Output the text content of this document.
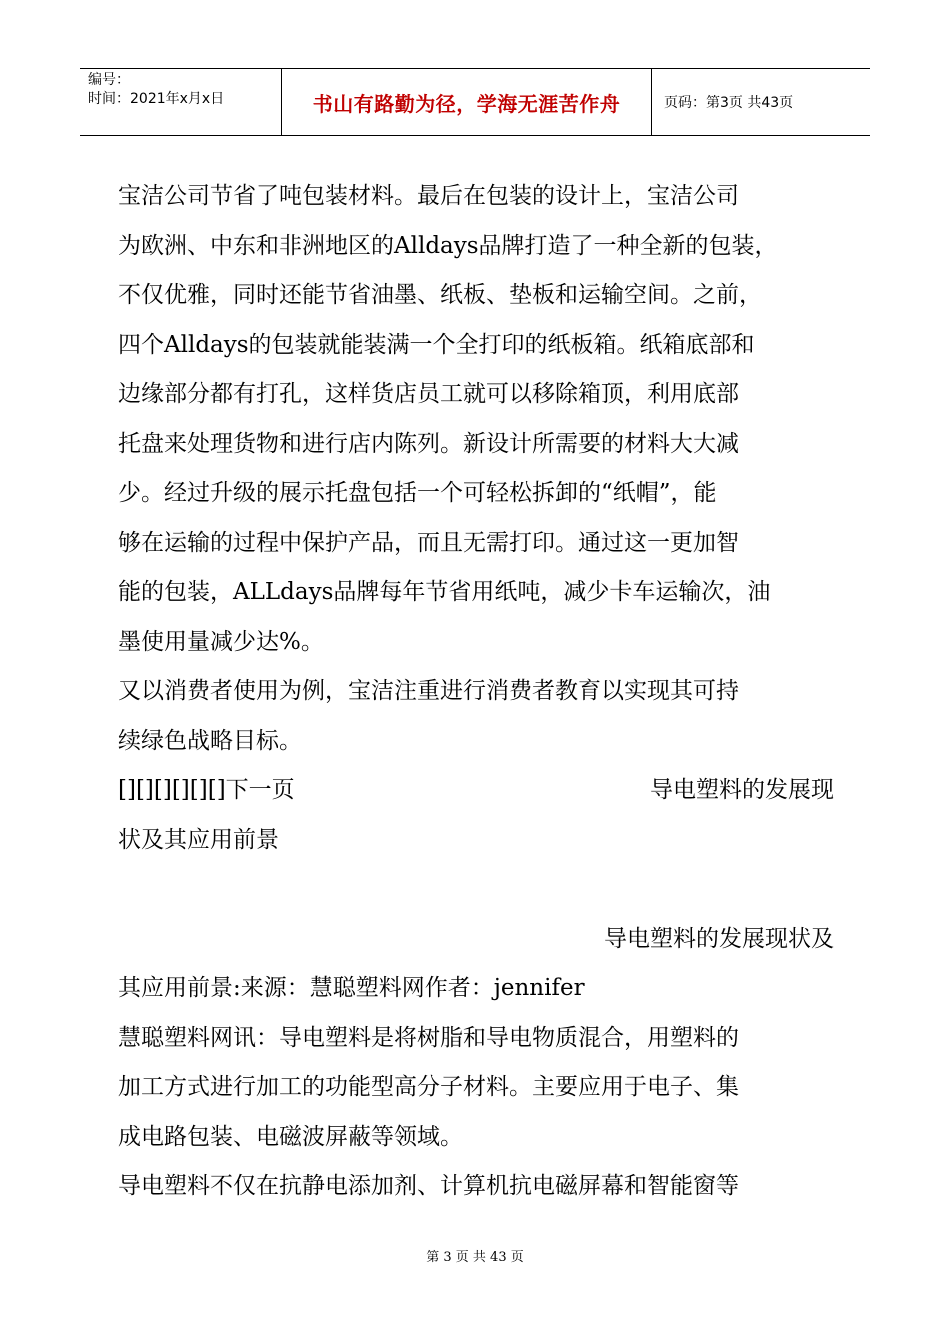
编号：
时间：2021年x月x日	书山有路勤为径，学海无涯苦作舟	页码：第3页 共43页

宝洁公司节省了吨包装材料。最后在包装的设计上，宝洁公司

为欧洲、中东和非洲地区的Alldays品牌打造了一种全新的包装，

不仅优雅，同时还能节省油墨、纸板、垫板和运输空间。之前，

四个Alldays的包装就能装满一个全打印的纸板箱。纸箱底部和

边缘部分都有打孔，这样货店员工就可以移除箱顶，利用底部

托盘来处理货物和进行店内陈列。新设计所需要的材料大大减

少。经过升级的展示托盘包括一个可轻松拆卸的“纸帽”，能

够在运输的过程中保护产品，而且无需打印。通过这一更加智

能的包装，ALLdays品牌每年节省用纸吨，减少卡车运输次，油

墨使用量减少达%。

又以消费者使用为例，宝洁注重进行消费者教育以实现其可持

续绿色战略目标。

[][][][][][]下一页	导电塑料的发展现

状及其应用前景

导电塑料的发展现状及

其应用前景:来源：慧聪塑料网作者：jennifer

慧聪塑料网讯：导电塑料是将树脂和导电物质混合，用塑料的

加工方式进行加工的功能型高分子材料。主要应用于电子、集

成电路包装、电磁波屏蔽等领域。

导电塑料不仅在抗静电添加剂、计算机抗电磁屏幕和智能窗等

第 3 页 共 43 页
